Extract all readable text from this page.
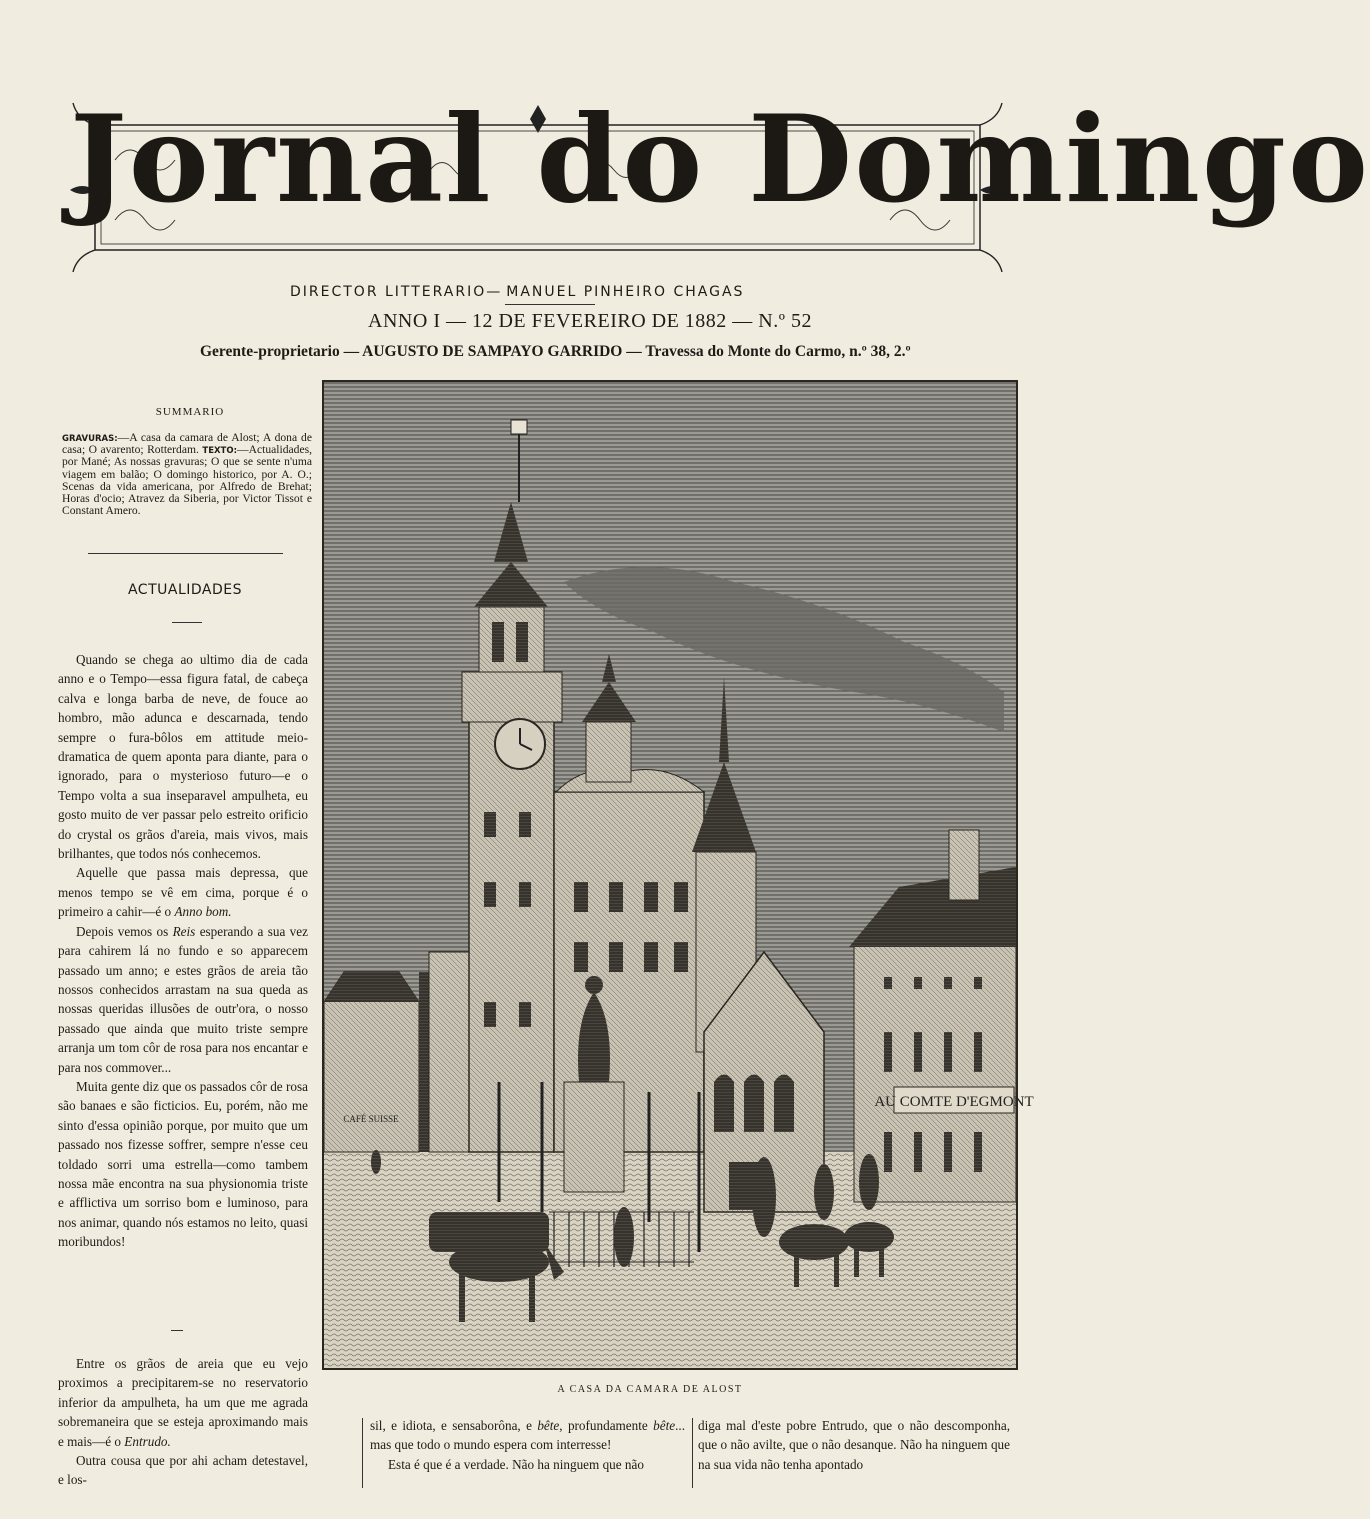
Jornal do Domingo
DIRECTOR LITTERARIO— MANUEL PINHEIRO CHAGAS
ANNO I — 12 DE FEVEREIRO DE 1882 — N.º 52
Gerente-proprietario — AUGUSTO DE SAMPAYO GARRIDO — Travessa do Monte do Carmo, n.º 38, 2.º
SUMMARIO
GRAVURAS:—A casa da camara de Alost; A dona de casa; O avarento; Rotterdam. TEXTO:—Actualidades, por Mané; As nossas gravuras; O que se sente n'uma viagem em balão; O domingo historico, por A. O.; Scenas da vida americana, por Alfredo de Brehat; Horas d'ocio; Atravez da Siberia, por Victor Tissot e Constant Amero.
ACTUALIDADES

Quando se chega ao ultimo dia de cada anno e o Tempo—essa figura fatal, de cabeça calva e longa barba de neve, de fouce ao hombro, mão adunca e descarnada, tendo sempre o fura-bôlos em attitude meio-dramatica de quem aponta para diante, para o ignorado, para o mysterioso futuro—e o Tempo volta a sua inseparavel ampulheta, eu gosto muito de ver passar pelo estreito orificio do crystal os grãos d'areia, mais vivos, mais brilhantes, que todos nós conhecemos.

Aquelle que passa mais depressa, que menos tempo se vê em cima, porque é o primeiro a cahir—é o Anno bom.

Depois vemos os Reis esperando a sua vez para cahirem lá no fundo e so apparecem passado um anno; e estes grãos de areia tão nossos conhecidos arrastam na sua queda as nossas queridas illusões de outr'ora, o nosso passado que ainda que muito triste sempre arranja um tom côr de rosa para nos encantar e para nos commover...

Muita gente diz que os passados côr de rosa são banaes e são ficticios. Eu, porém, não me sinto d'essa opinião porque, por muito que um passado nos fizesse soffrer, sempre n'esse ceu toldado sorri uma estrella—como tambem nossa mãe encontra na sua physionomia triste e afflictiva um sorriso bom e luminoso, para nos animar, quando nós estamos no leito, quasi moribundos!

Entre os grãos de areia que eu vejo proximos a precipitarem-se no reservatorio inferior da ampulheta, ha um que me agrada sobremaneira que se esteja aproximando mais e mais—é o Entrudo.

Outra cousa que por ahi acham detestavel, e los-

AU COMTE D'EGMONT
CAFÉ SUISSE
A CASA DA CAMARA DE ALOST

sil, e idiota, e sensaborôna, e bête, profundamente bête... mas que todo o mundo espera com interresse!

Esta é que é a verdade. Não ha ninguem que não

diga mal d'este pobre Entrudo, que o não descomponha, que o não avilte, que o não desanque. Não ha ninguem que na sua vida não tenha apontado
